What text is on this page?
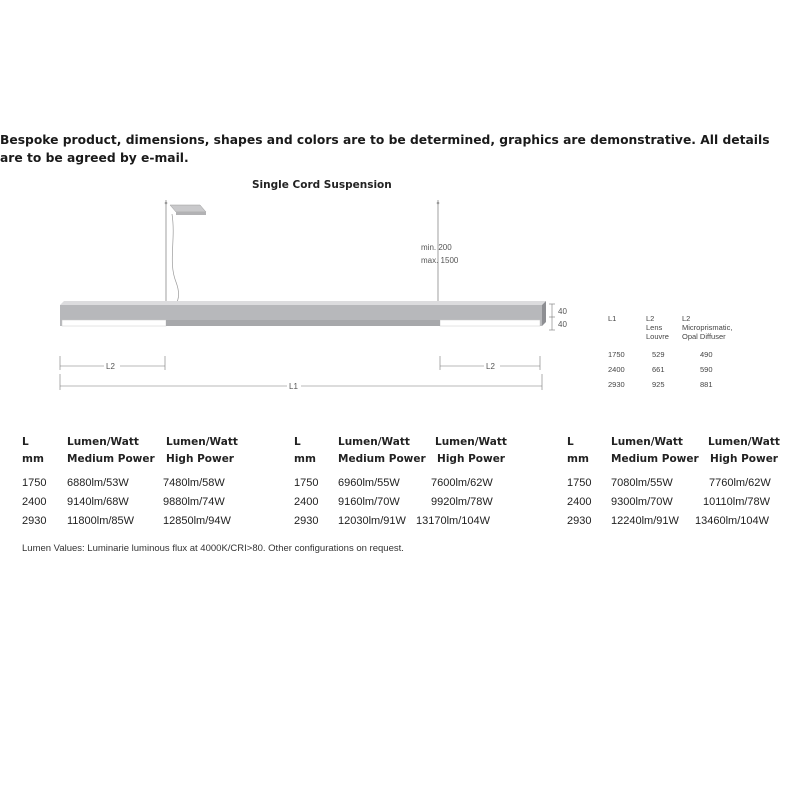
Bespoke product, dimensions, shapes and colors are to be determined, graphics are demonstrative. All details are to be agreed by e-mail.
Single Cord Suspension
min. 200
max. 1500
40
40
L2	L2
L1
L1	L2
Lens
Louvre
L2
Microprismatic,
Opal Diffuser
1750	529	490
2400	661	590
2930	925	881
L
mm
Lumen/Watt
Medium Power
Lumen/Watt
High Power
1750 6880lm/53W	7480lm/58W
2400 9140lm/68W	9880lm/74W
2930 11800lm/85W	12850lm/94W
L
mm
Lumen/Watt
Medium Power
Lumen/Watt
High Power
1750 6960lm/55W	7600lm/62W
2400 9160lm/70W	9920lm/78W
2930 12030lm/91W 13170lm/104W
L
mm
Lumen/Watt
Medium Power
Lumen/Watt
High Power
1750 7080lm/55W	7760lm/62W
2400 9300lm/70W	10110lm/78W
2930 12240lm/91W 13460lm/104W
Lumen Values: Luminarie luminous flux at 4000K/CRI>80. Other configurations on request.
